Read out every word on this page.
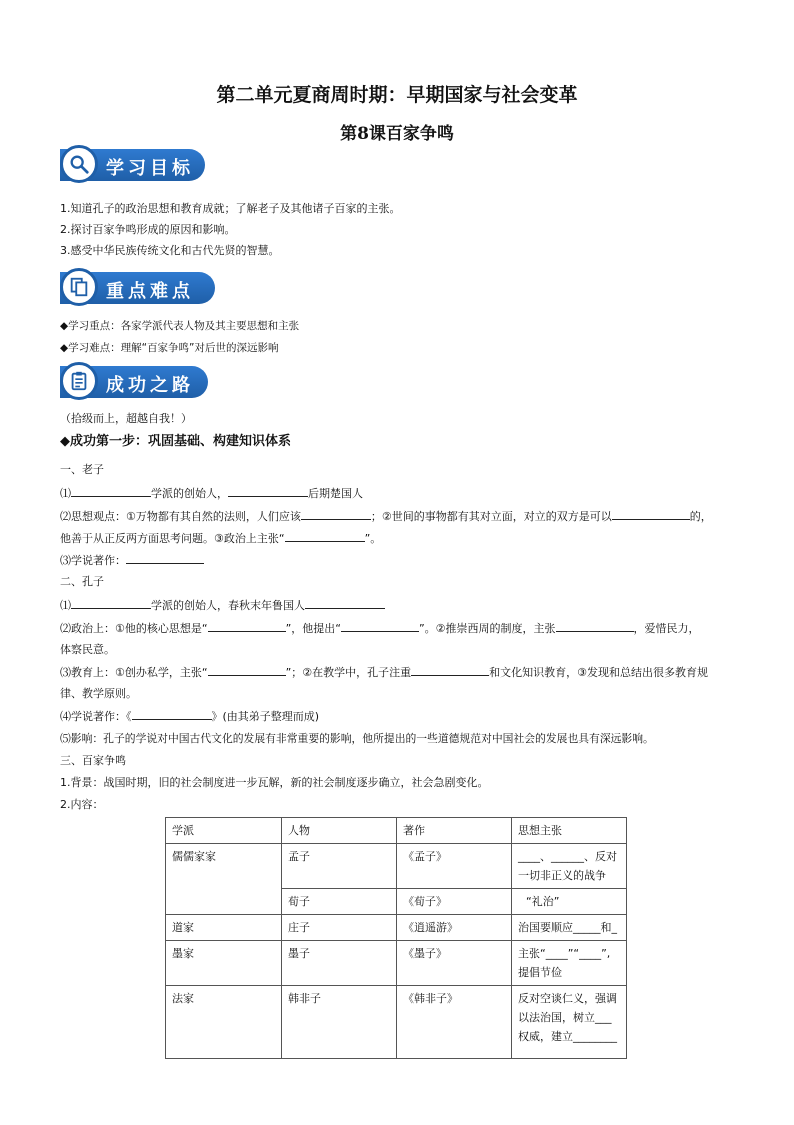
第二单元夏商周时期：早期国家与社会变革
第8课百家争鸣
学习目标
1.知道孔子的政治思想和教育成就；了解老子及其他诸子百家的主张。
2.探讨百家争鸣形成的原因和影响。
3.感受中华民族传统文化和古代先贤的智慧。
重点难点
◆学习重点：各家学派代表人物及其主要思想和主张
◆学习难点：理解“百家争鸣”对后世的深远影响
成功之路
（拾级而上，超越自我！）
◆成功第一步：巩固基础、构建知识体系
一、老子
⑴	学派的创始人，	后期楚国人
⑵思想观点：①万物都有其自然的法则，人们应该	；②世间的事物都有其对立面，对立的双方是可以	的，
他善于从正反两方面思考问题。③政治上主张“	”。
⑶学说著作：
二、孔子
⑴	学派的创始人，春秋末年鲁国人
⑵政治上：①他的核心思想是“	”，他提出“	”。②推崇西周的制度，主张	，爱惜民力，
体察民意。
⑶教育上：①创办私学，主张“	”；②在教学中，孔子注重	和文化知识教育，③发现和总结出很多教育规
律、教学原则。
⑷学说著作：《	》(由其弟子整理而成)
⑸影响：孔子的学说对中国古代文化的发展有非常重要的影响，他所提出的一些道德规范对中国社会的发展也具有深远影响。
三、百家争鸣
1.背景：战国时期，旧的社会制度进一步瓦解，新的社会制度逐步确立，社会急剧变化。
2.内容：
学派	人物	著作	思想主张
儒儒家家	孟子	《孟子》	____、______、反对
一切非正义的战争

	荀子	《荀子》	“礼治”

道家	庄子	《逍遥游》	治国要顺应_____和_
墨家	墨子	《墨子》	主张“____”“____”,
提倡节俭

法家	韩非子	《韩非子》	反对空谈仁义，强调
以法治国，树立___
权威，建立________
